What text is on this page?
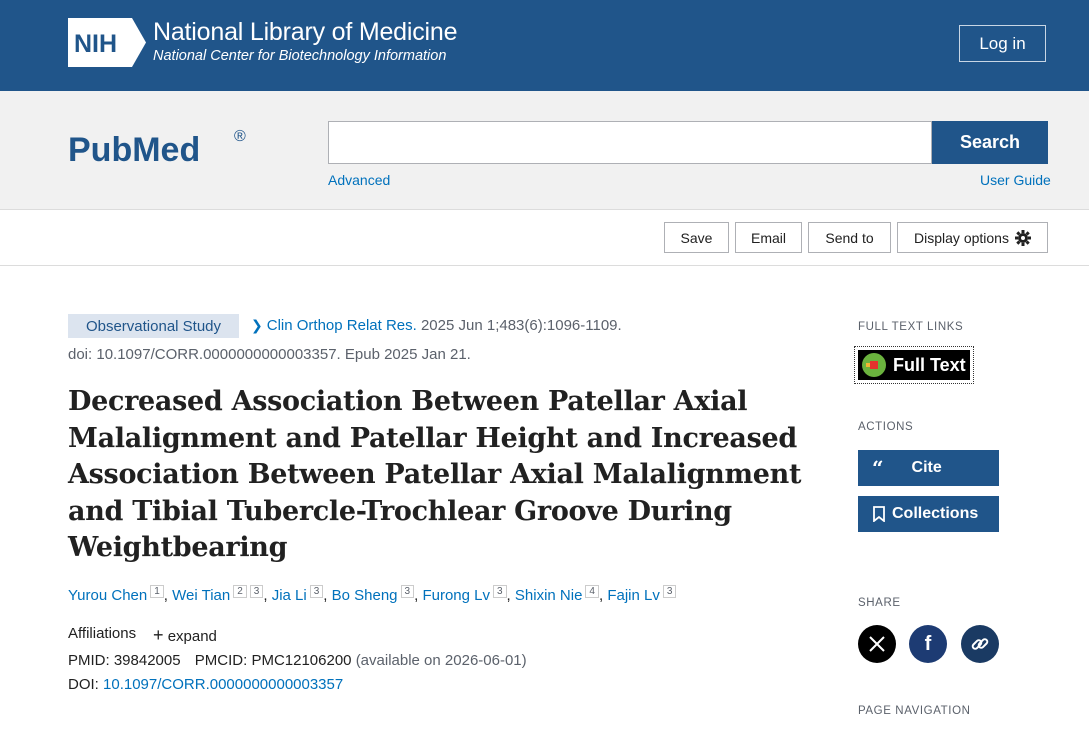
NIH National Library of Medicine
National Center for Biotechnology Information
Log in
PubMed ®	Search
Advanced	User Guide
Save	Email	Send to	Display options
Observational Study	❯ Clin Orthop Relat Res. 2025 Jun 1;483(6):1096-1109.
doi: 10.1097/CORR.0000000000003357. Epub 2025 Jan 21.
Decreased Association Between Patellar Axial Malalignment and Patellar Height and Increased Association Between Patellar Axial Malalignment and Tibial Tubercle-Trochlear Groove During Weightbearing
Yurou Chen $^1$ , Wei Tian $^2$ $^3$ , Jia Li $^3$ , Bo Sheng $^3$ , Furong Lv $^3$ , Shixin Nie $^4$ , Fajin Lv $^3$
Affiliations + expand
PMID: 39842005 PMCID: PMC12106200 (available on 2026-06-01)
DOI: 10.1097/CORR.0000000000003357
FULL TEXT LINKS
Full Text
ACTIONS
“ Cite
Collections
SHARE
f
PAGE NAVIGATION
